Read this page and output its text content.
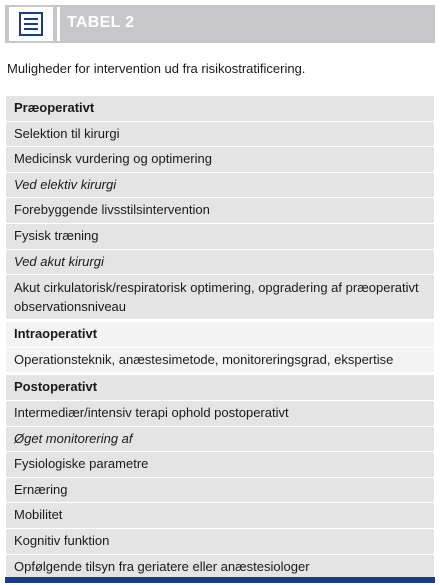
TABEL 2
Muligheder for intervention ud fra risikostratificering.
Præoperativt
Selektion til kirurgi
Medicinsk vurdering og optimering
Ved elektiv kirurgi
Forebyggende livsstilsintervention
Fysisk træning
Ved akut kirurgi
Akut cirkulatorisk/respiratorisk optimering, opgradering af præoperativt observationsniveau
Intraoperativt
Operationsteknik, anæstesimetode, monitoreringsgrad, ekspertise
Postoperativt
Intermediær/intensiv terapi ophold postoperativt
Øget monitorering af
Fysiologiske parametre
Ernæring
Mobilitet
Kognitiv funktion
Opfølgende tilsyn fra geriatere eller anæstesiologer
